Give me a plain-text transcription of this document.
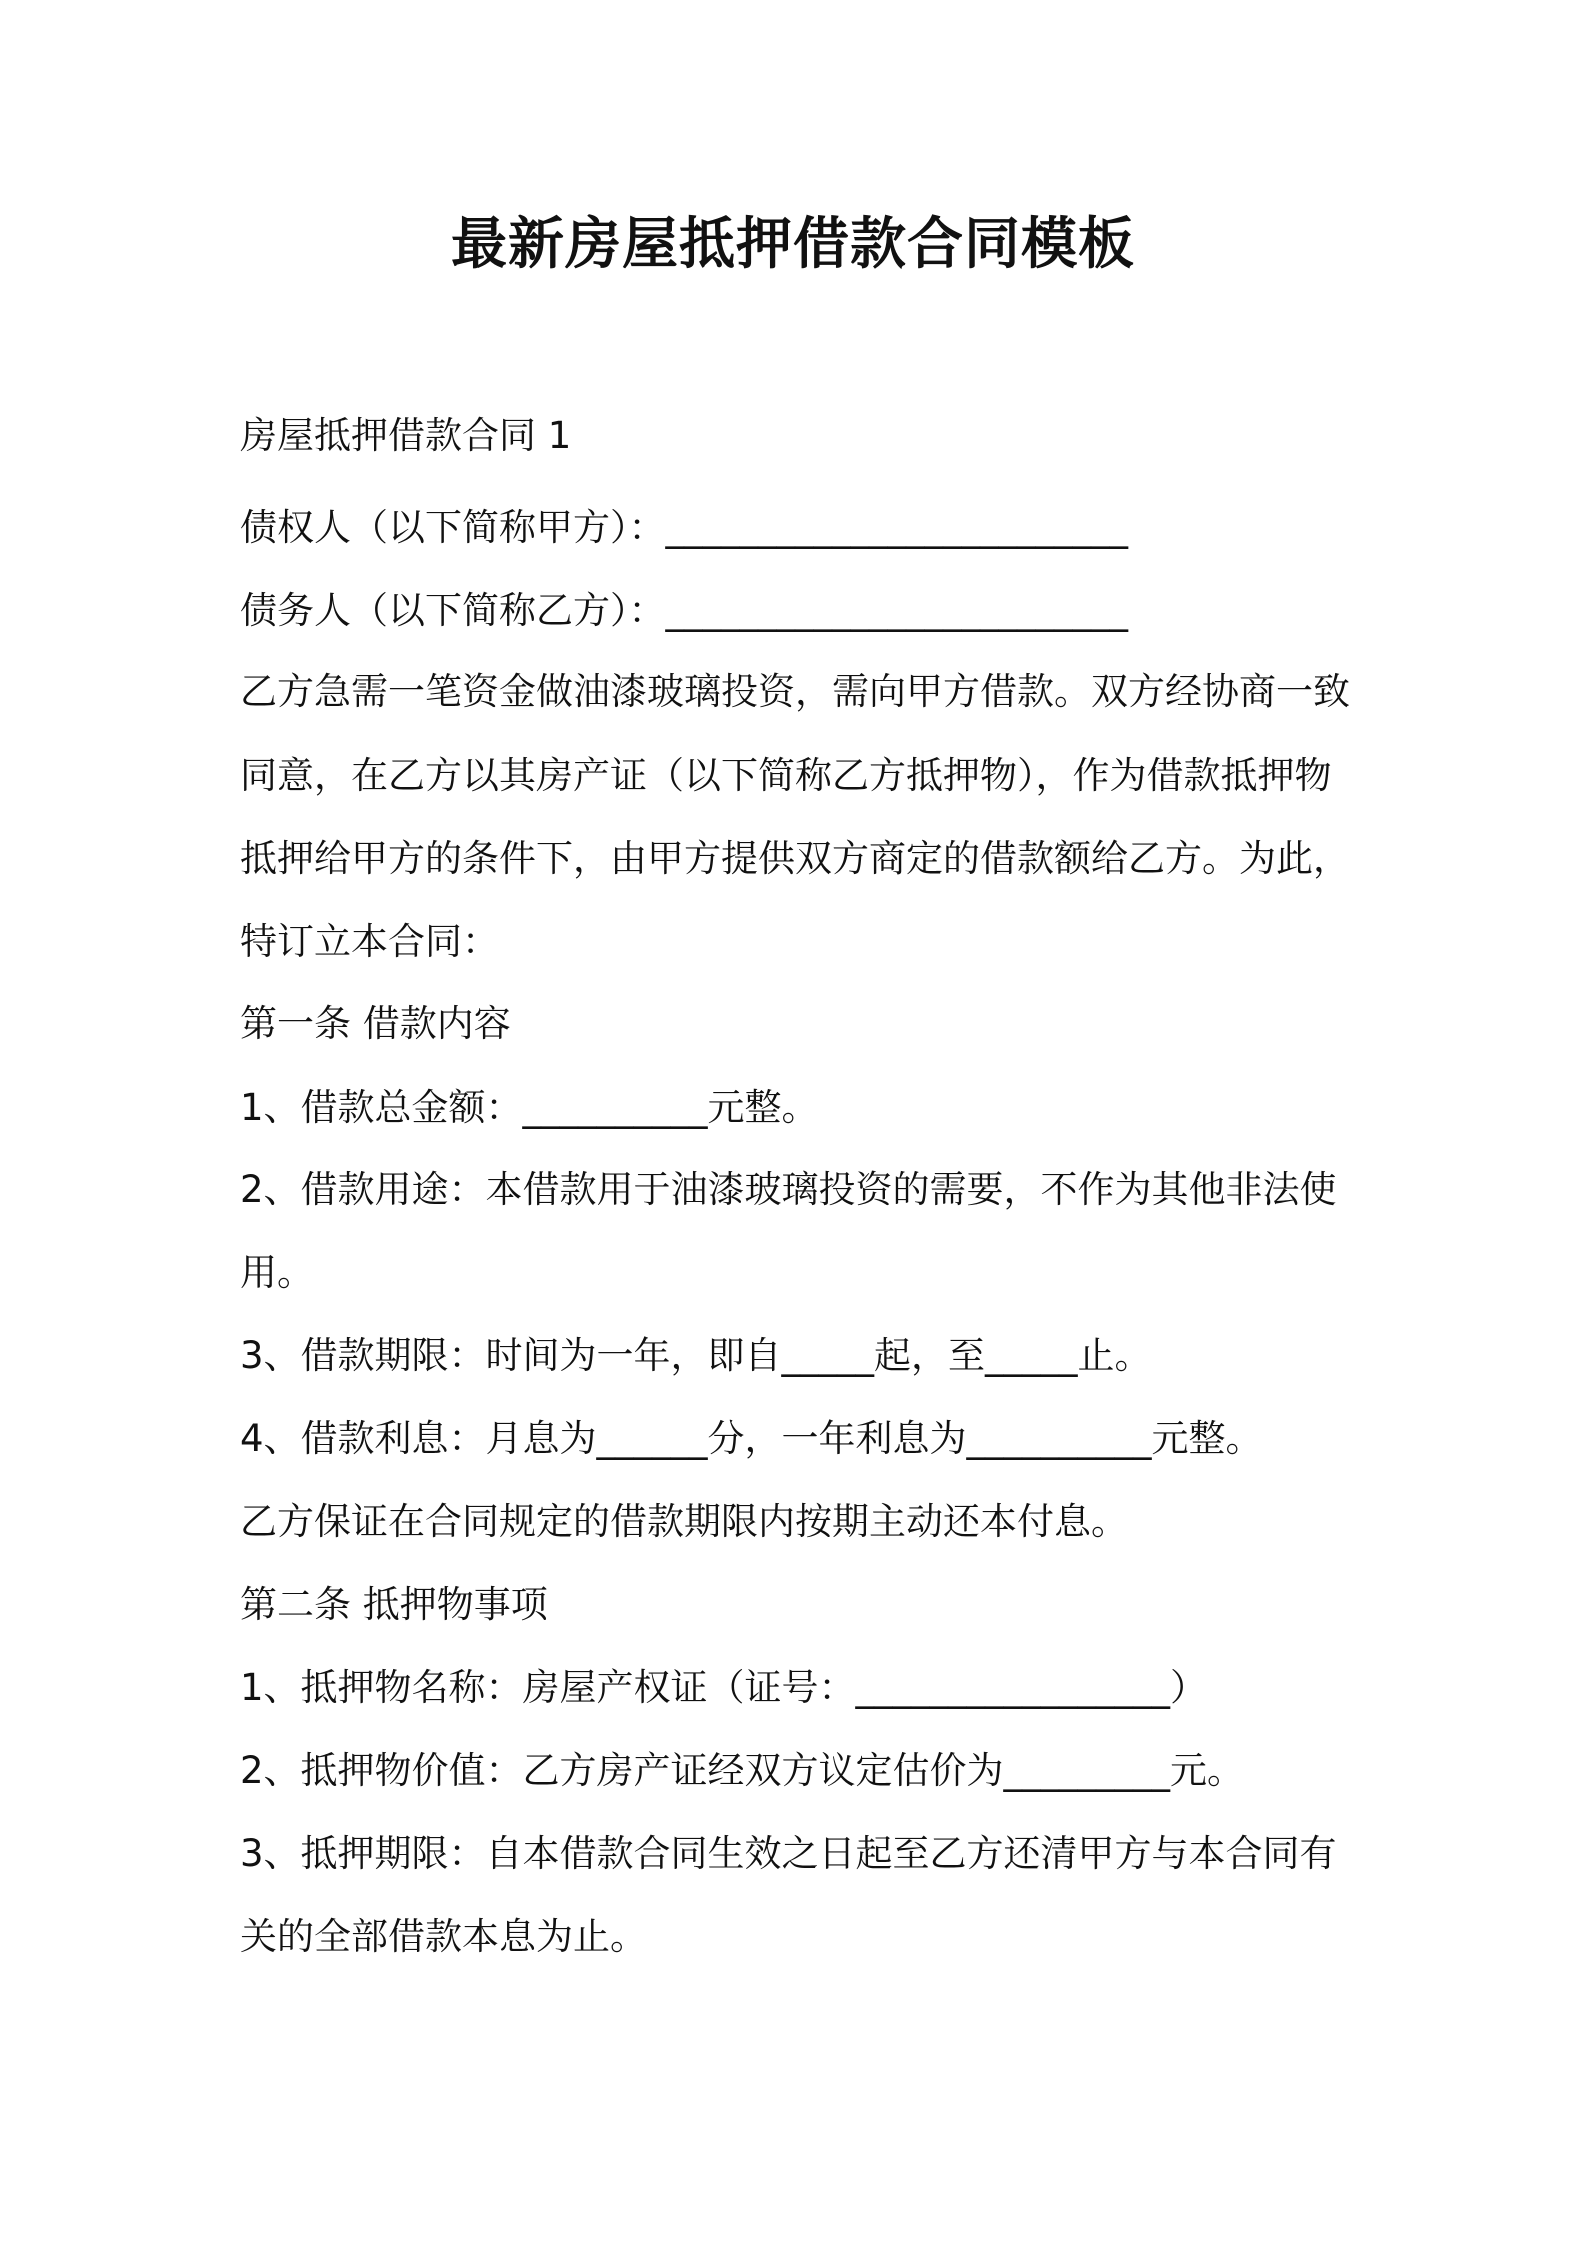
最新房屋抵押借款合同模板
房屋抵押借款合同 1
债权人（以下简称甲方）：_________________________
债务人（以下简称乙方）：_________________________
乙方急需一笔资金做油漆玻璃投资，需向甲方借款。双方经协商一致
同意，在乙方以其房产证（以下简称乙方抵押物），作为借款抵押物
抵押给甲方的条件下，由甲方提供双方商定的借款额给乙方。为此，
特订立本合同：
第一条 借款内容
1、借款总金额：__________元整。
2、借款用途：本借款用于油漆玻璃投资的需要，不作为其他非法使
用。
3、借款期限：时间为一年，即自_____起，至_____止。
4、借款利息：月息为______分，一年利息为__________元整。
乙方保证在合同规定的借款期限内按期主动还本付息。
第二条 抵押物事项
1、抵押物名称：房屋产权证（证号：_________________）
2、抵押物价值：乙方房产证经双方议定估价为_________元。
3、抵押期限：自本借款合同生效之日起至乙方还清甲方与本合同有
关的全部借款本息为止。
